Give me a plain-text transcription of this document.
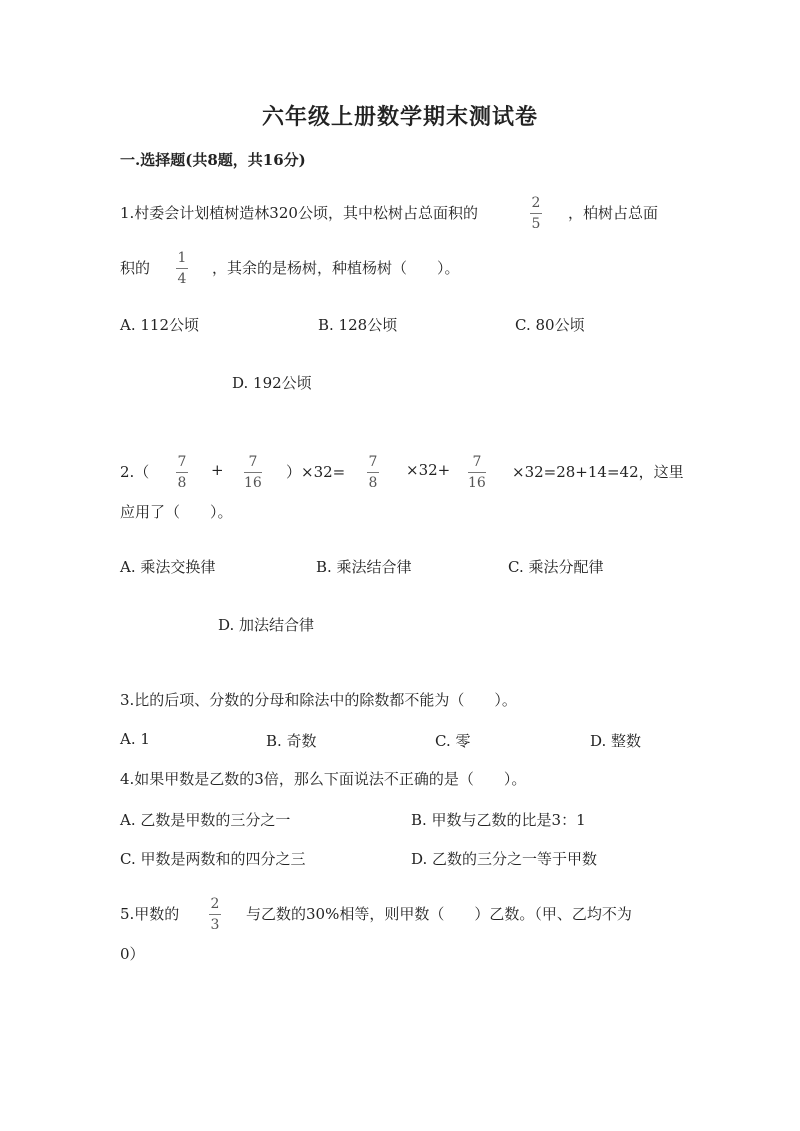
六年级上册数学期末测试卷
一.选择题(共8题，共16分)
1.村委会计划植树造林320公顷，其中松树占总面积的
2
5
，柏树占总面
积的
1
4
，其余的是杨树，种植杨树（　　）。
A. 112公顷	B. 128公顷	C. 80公顷
D. 192公顷
2.（
7
8
+ 7
16
）×32=
7
8
×32+ 7
16
×32=28+14=42，这里
应用了（　　）。
A. 乘法交换律	B. 乘法结合律	C. 乘法分配律
D. 加法结合律
3.比的后项、分数的分母和除法中的除数都不能为（　　）。
A. 1	B. 奇数	C. 零	D. 整数
4.如果甲数是乙数的3倍，那么下面说法不正确的是（　　）。
A. 乙数是甲数的三分之一	B. 甲数与乙数的比是3：1
C. 甲数是两数和的四分之三	D. 乙数的三分之一等于甲数
5.甲数的
2
3
与乙数的30%相等，则甲数（　　）乙数。（甲、乙均不为
0）
